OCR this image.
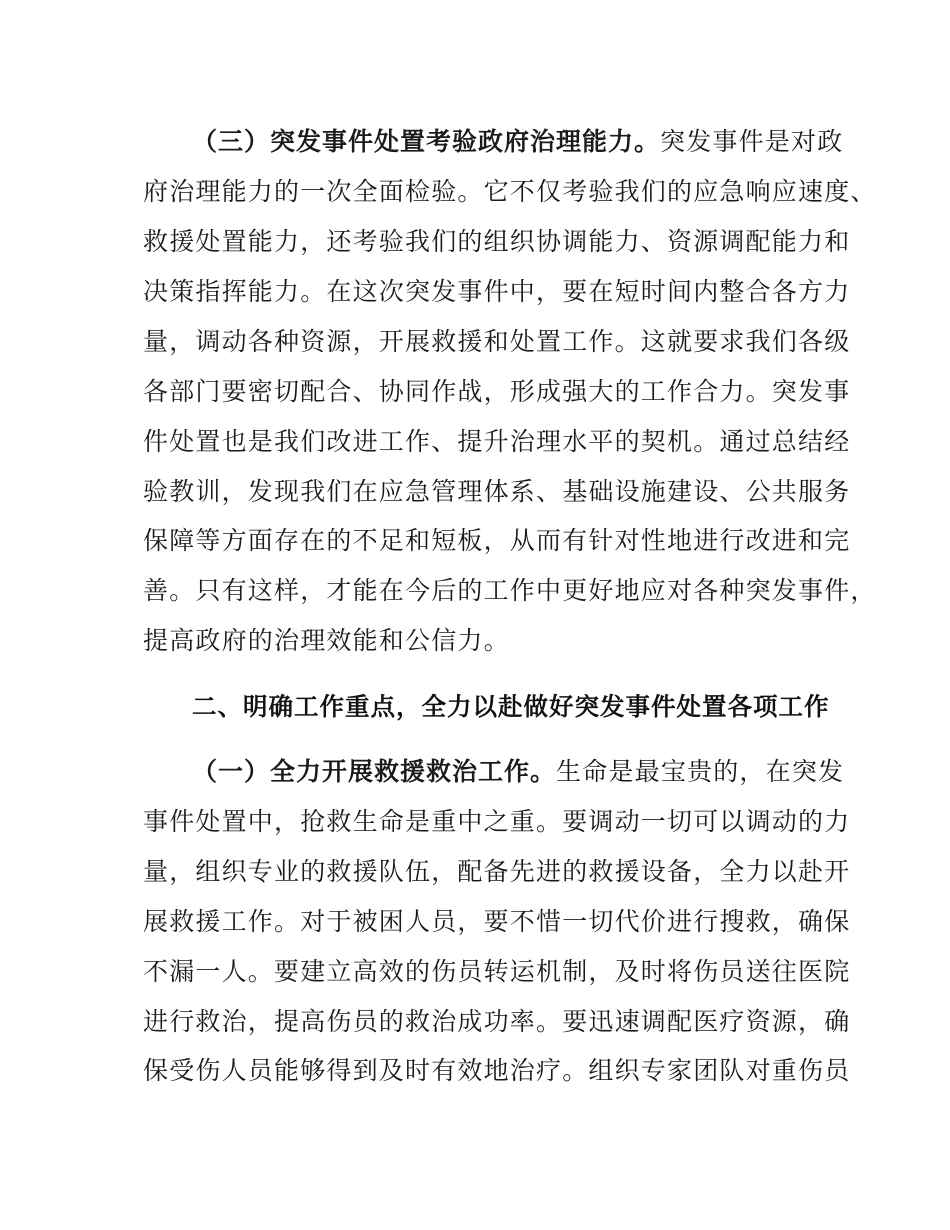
（三）突发事件处置考验政府治理能力。突发事件是对政
府治理能力的一次全面检验。它不仅考验我们的应急响应速度、
救援处置能力，还考验我们的组织协调能力、资源调配能力和
决策指挥能力。在这次突发事件中，要在短时间内整合各方力
量，调动各种资源，开展救援和处置工作。这就要求我们各级
各部门要密切配合、协同作战，形成强大的工作合力。突发事
件处置也是我们改进工作、提升治理水平的契机。通过总结经
验教训，发现我们在应急管理体系、基础设施建设、公共服务
保障等方面存在的不足和短板，从而有针对性地进行改进和完
善。只有这样，才能在今后的工作中更好地应对各种突发事件，
提高政府的治理效能和公信力。
二、明确工作重点，全力以赴做好突发事件处置各项工作
（一）全力开展救援救治工作。生命是最宝贵的，在突发
事件处置中，抢救生命是重中之重。要调动一切可以调动的力
量，组织专业的救援队伍，配备先进的救援设备，全力以赴开
展救援工作。对于被困人员，要不惜一切代价进行搜救，确保
不漏一人。要建立高效的伤员转运机制，及时将伤员送往医院
进行救治，提高伤员的救治成功率。要迅速调配医疗资源，确
保受伤人员能够得到及时有效地治疗。组织专家团队对重伤员
